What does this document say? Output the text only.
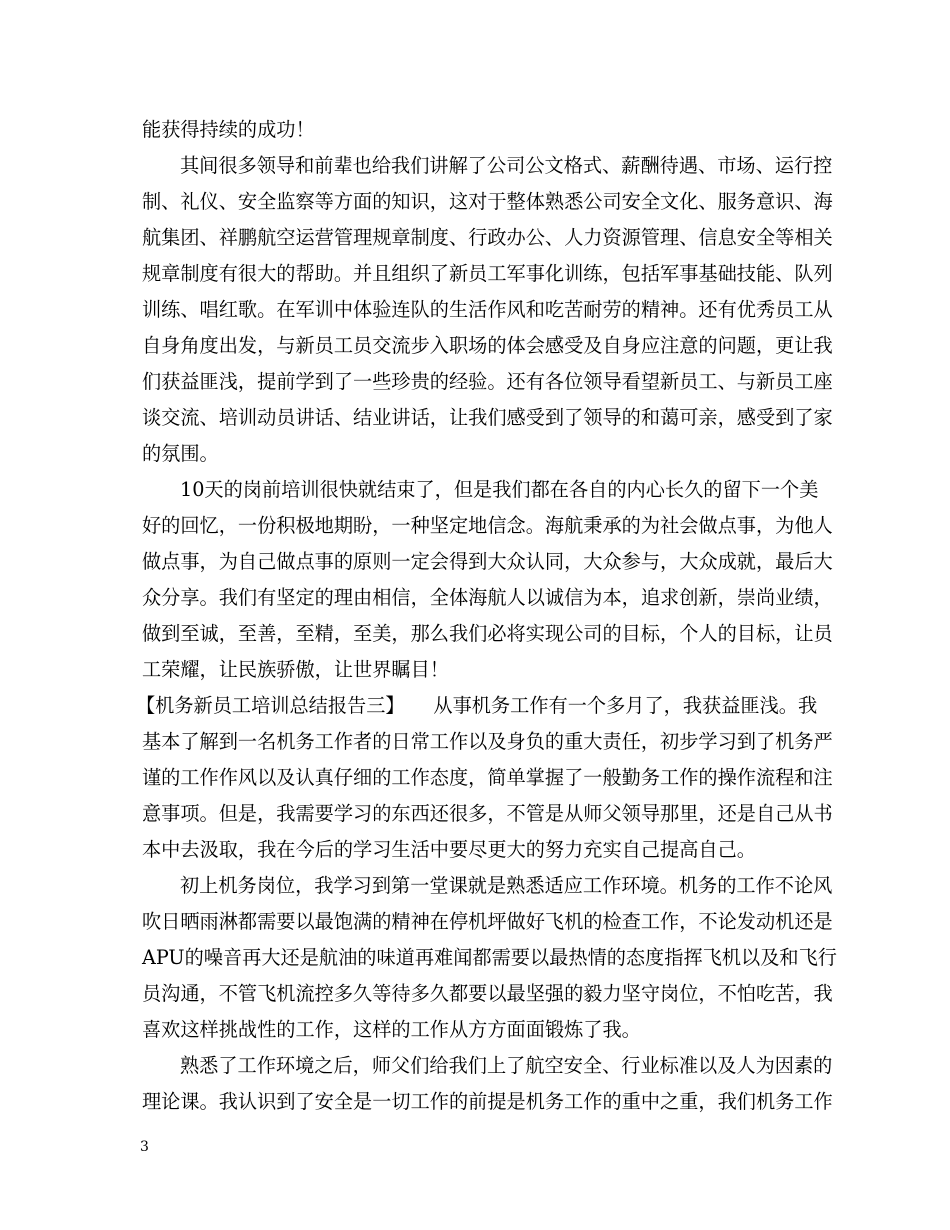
能获得持续的成功！
其间很多领导和前辈也给我们讲解了公司公文格式、薪酬待遇、市场、运行控
制、礼仪、安全监察等方面的知识，这对于整体熟悉公司安全文化、服务意识、海
航集团、祥鹏航空运营管理规章制度、行政办公、人力资源管理、信息安全等相关
规章制度有很大的帮助。并且组织了新员工军事化训练，包括军事基础技能、队列
训练、唱红歌。在军训中体验连队的生活作风和吃苦耐劳的精神。还有优秀员工从
自身角度出发，与新员工员交流步入职场的体会感受及自身应注意的问题，更让我
们获益匪浅，提前学到了一些珍贵的经验。还有各位领导看望新员工、与新员工座
谈交流、培训动员讲话、结业讲话，让我们感受到了领导的和蔼可亲，感受到了家
的氛围。
10天的岗前培训很快就结束了，但是我们都在各自的内心长久的留下一个美
好的回忆，一份积极地期盼，一种坚定地信念。海航秉承的为社会做点事，为他人
做点事，为自己做点事的原则一定会得到大众认同，大众参与，大众成就，最后大
众分享。我们有坚定的理由相信，全体海航人以诚信为本，追求创新，崇尚业绩，
做到至诚，至善，至精，至美，那么我们必将实现公司的目标，个人的目标，让员
工荣耀，让民族骄傲，让世界瞩目！
【机务新员工培训总结报告三】　　从事机务工作有一个多月了，我获益匪浅。我
基本了解到一名机务工作者的日常工作以及身负的重大责任，初步学习到了机务严
谨的工作作风以及认真仔细的工作态度，简单掌握了一般勤务工作的操作流程和注
意事项。但是，我需要学习的东西还很多，不管是从师父领导那里，还是自己从书
本中去汲取，我在今后的学习生活中要尽更大的努力充实自己提高自己。
初上机务岗位，我学习到第一堂课就是熟悉适应工作环境。机务的工作不论风
吹日晒雨淋都需要以最饱满的精神在停机坪做好飞机的检查工作，不论发动机还是
APU的噪音再大还是航油的味道再难闻都需要以最热情的态度指挥飞机以及和飞行
员沟通，不管飞机流控多久等待多久都要以最坚强的毅力坚守岗位，不怕吃苦，我
喜欢这样挑战性的工作，这样的工作从方方面面锻炼了我。
熟悉了工作环境之后，师父们给我们上了航空安全、行业标准以及人为因素的
理论课。我认识到了安全是一切工作的前提是机务工作的重中之重，我们机务工作
3
